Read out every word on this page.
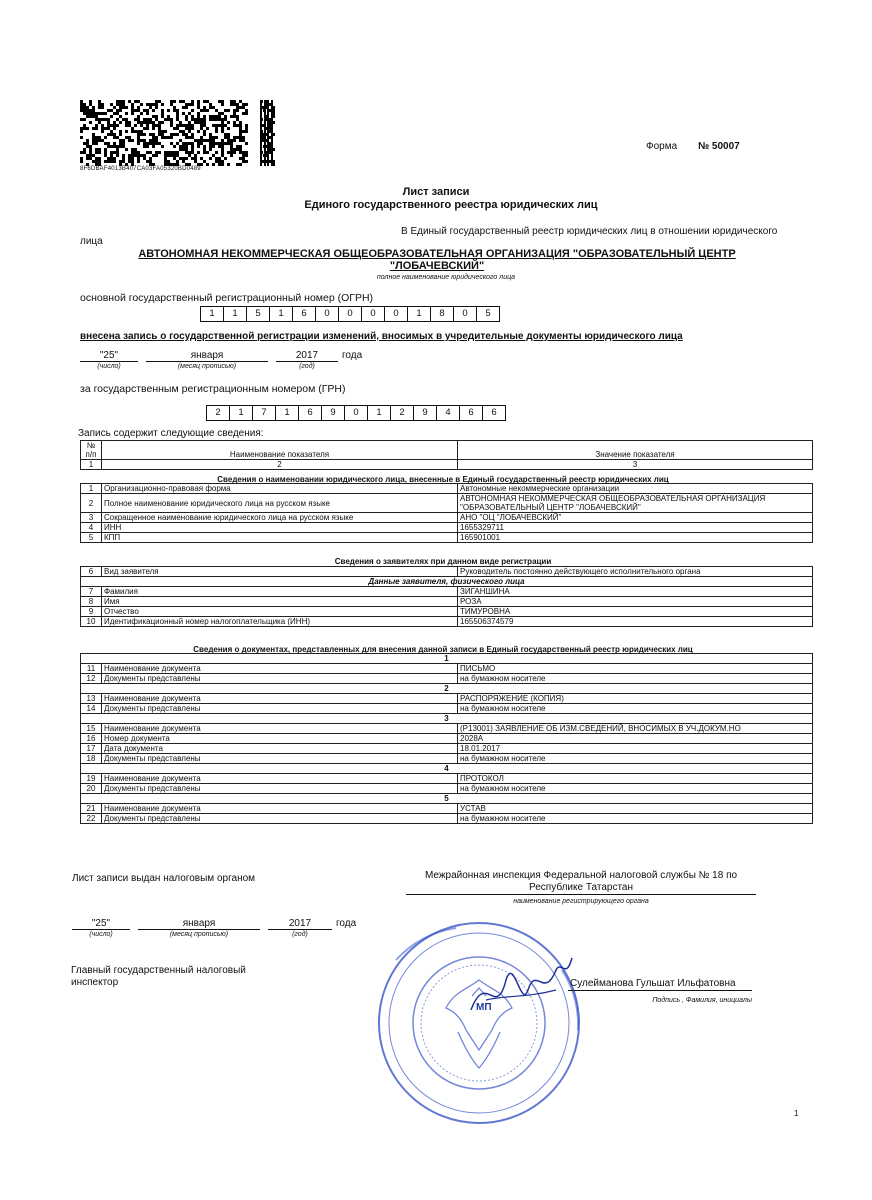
8F6DBAF4013B407CA03FA05320BD0489
Форма № 50007
Лист записи
Единого государственного реестра юридических лиц
В Единый государственный реестр юридических лиц в отношении юридического
лица
АВТОНОМНАЯ НЕКОММЕРЧЕСКАЯ ОБЩЕОБРАЗОВАТЕЛЬНАЯ ОРГАНИЗАЦИЯ "ОБРАЗОВАТЕЛЬНЫЙ ЦЕНТР "ЛОБАЧЕВСКИЙ"
полное наименование юридического лица
основной государственный регистрационный номер (ОГРН)
1	1	5	1	6	0	0	0	0	1	8	0	5
внесена запись о государственной регистрации изменений, вносимых в учредительные документы юридического лица
"25"	января	2017	года
(число)	(месяц прописью)	(год)
за государственным регистрационным номером (ГРН)
2	1	7	1	6	9	0	1	2	9	4	6	6
Запись содержит следующие сведения:
№ п/п	Наименование показателя	Значение показателя
1	2	3
Сведения о наименовании юридического лица, внесенные в Единый государственный реестр юридических лиц
1	Организационно-правовая форма	Автономные некоммерческие организации
2	Полное наименование юридического лица на русском языке	АВТОНОМНАЯ НЕКОММЕРЧЕСКАЯ ОБЩЕОБРАЗОВАТЕЛЬНАЯ ОРГАНИЗАЦИЯ "ОБРАЗОВАТЕЛЬНЫЙ ЦЕНТР "ЛОБАЧЕВСКИЙ"
3	Сокращенное наименование юридического лица на русском языке	АНО "ОЦ "ЛОБАЧЕВСКИЙ"
4	ИНН	1655329711
5	КПП	165901001
Сведения о заявителях при данном виде регистрации
6	Вид заявителя	Руководитель постоянно действующего исполнительного органа
Данные заявителя, физического лица		
7	Фамилия	ЗИГАНШИНА
8	Имя	РОЗА
9	Отчество	ТИМУРОВНА
10	Идентификационный номер налогоплательщика (ИНН)	165506374579
Сведения о документах, представленных для внесения данной записи в Единый государственный реестр юридических лиц
1		
11	Наименование документа	ПИСЬМО
12	Документы представлены	на бумажном носителе
2		
13	Наименование документа	РАСПОРЯЖЕНИЕ (КОПИЯ)
14	Документы представлены	на бумажном носителе
3		
15	Наименование документа	(Р13001) ЗАЯВЛЕНИЕ ОБ ИЗМ.СВЕДЕНИЙ, ВНОСИМЫХ В УЧ.ДОКУМ.НО
16	Номер документа	2028А
17	Дата документа	18.01.2017
18	Документы представлены	на бумажном носителе
4		
19	Наименование документа	ПРОТОКОЛ
20	Документы представлены	на бумажном носителе
5		
21	Наименование документа	УСТАВ
22	Документы представлены	на бумажном носителе
Лист записи выдан налоговым органом	Межрайонная инспекция Федеральной налоговой службы № 18 по Республике Татарстан
наименование регистрирующего органа
"25"	января	2017	года
(число)	(месяц прописью)	(год)
Главный государственный налоговый инспектор
МП
Сулейманова Гульшат Ильфатовна
Подпись , Фамилия, инициалы
1
